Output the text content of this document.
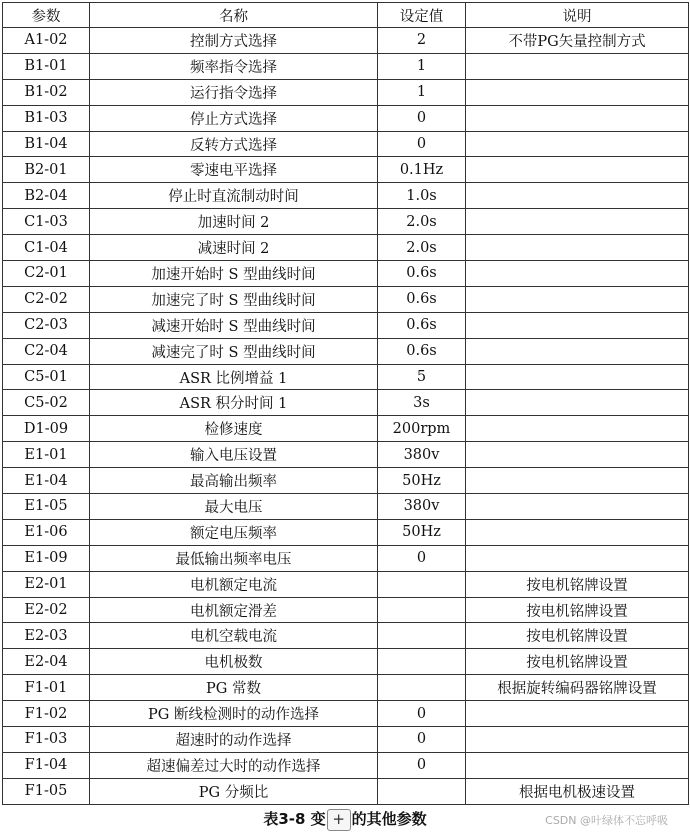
参数	名称	设定值	说明
A1-02	控制方式选择	2	不带PG矢量控制方式
B1-01	频率指令选择	1	
B1-02	运行指令选择	1	
B1-03	停止方式选择	0	
B1-04	反转方式选择	0	
B2-01	零速电平选择	0.1Hz	
B2-04	停止时直流制动时间	1.0s	
C1-03	加速时间 2	2.0s	
C1-04	减速时间 2	2.0s	
C2-01	加速开始时 S 型曲线时间	0.6s	
C2-02	加速完了时 S 型曲线时间	0.6s	
C2-03	减速开始时 S 型曲线时间	0.6s	
C2-04	减速完了时 S 型曲线时间	0.6s	
C5-01	ASR 比例增益 1	5	
C5-02	ASR 积分时间 1	3s	
D1-09	检修速度	200rpm	
E1-01	输入电压设置	380v	
E1-04	最高输出频率	50Hz	
E1-05	最大电压	380v	
E1-06	额定电压频率	50Hz	
E1-09	最低输出频率电压	0	
E2-01	电机额定电流		按电机铭牌设置
E2-02	电机额定滑差		按电机铭牌设置
E2-03	电机空载电流		按电机铭牌设置
E2-04	电机极数		按电机铭牌设置
F1-01	PG 常数		根据旋转编码器铭牌设置
F1-02	PG 断线检测时的动作选择	0	
F1-03	超速时的动作选择	0	
F1-04	超速偏差过大时的动作选择	0	
F1-05	PG 分频比		根据电机极速设置
表3-8 变 + 的其他参数	CSDN @叶绿体不忘呼吸
